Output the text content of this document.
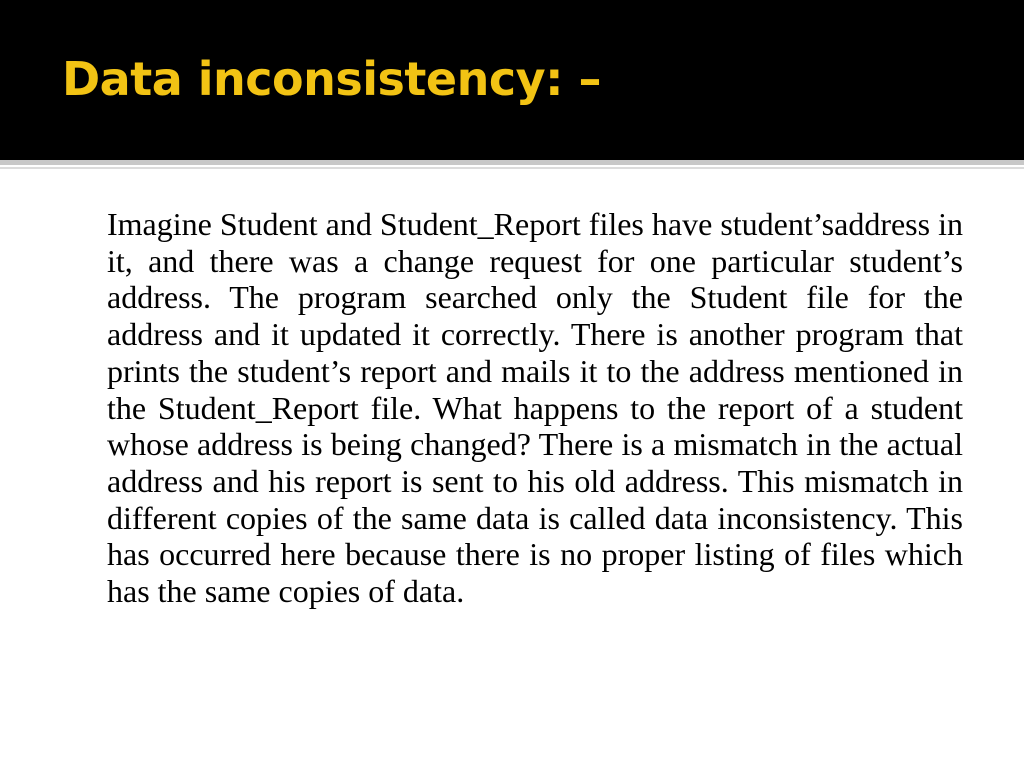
Data inconsistency: –

Imagine Student and Student_Report files have student’saddress in it, and there was a change request for one particular student’s address. The program searched only the Student file for the address and it updated it correctly. There is another program that prints the student’s report and mails it to the address mentioned in the Student_Report file. What happens to the report of a student whose address is being changed? There is a mismatch in the actual address and his report is sent to his old address. This mismatch in different copies of the same data is called data inconsistency. This has occurred here because there is no proper listing of files which has the same copies of data.
